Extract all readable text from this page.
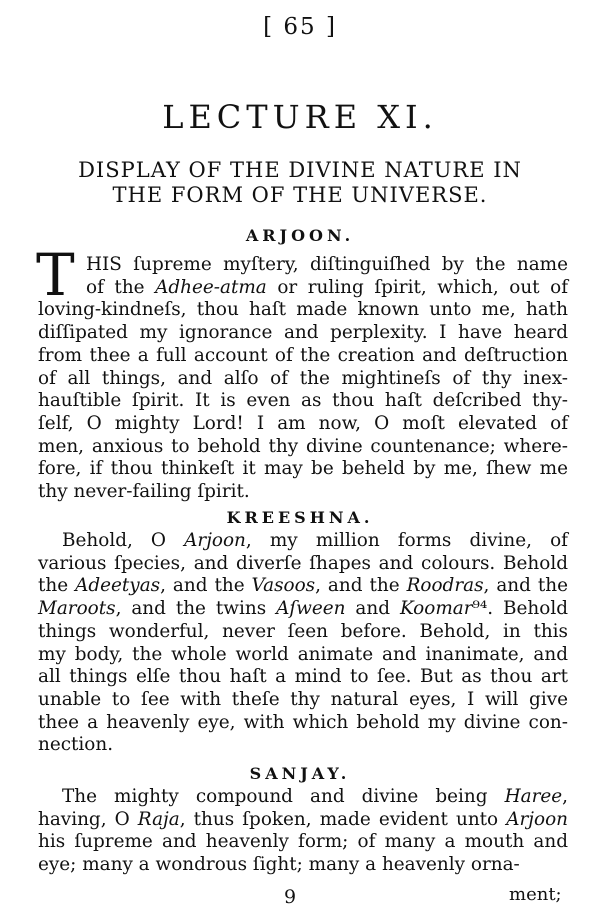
[ 65 ]
LECTURE XI.
DISPLAY OF THE DIVINE NATURE IN
THE FORM OF THE UNIVERSE.
ARJOON.
T HIS ſupreme myſtery, diſtinguiſhed by the name
of the Adhee-atma or ruling ſpirit, which, out of
loving-kindneſs, thou haſt made known unto me, hath
diſſipated my ignorance and perplexity. I have heard
from thee a full account of the creation and deſtruction
of all things, and alſo of the mightineſs of thy inex-
hauſtible ſpirit. It is even as thou haſt deſcribed thy-
ſelf, O mighty Lord! I am now, O moſt elevated of
men, anxious to behold thy divine countenance; where-
fore, if thou thinkeſt it may be beheld by me, ſhew me
thy never-failing ſpirit.
KREESHNA.
Behold, O Arjoon, my million forms divine, of
various ſpecies, and diverſe ſhapes and colours. Behold
the Adeetyas, and the Vasoos, and the Roodras, and the
Maroots, and the twins Aſween and Koomar⁹⁴. Behold
things wonderful, never ſeen before. Behold, in this
my body, the whole world animate and inanimate, and
all things elſe thou haſt a mind to ſee. But as thou art
unable to ſee with theſe thy natural eyes, I will give
thee a heavenly eye, with which behold my divine con-
nection.
SANJAY.
The mighty compound and divine being Haree,
having, O Raja, thus ſpoken, made evident unto Arjoon
his ſupreme and heavenly form; of many a mouth and
eye; many a wondrous ſight; many a heavenly orna-
9	ment;
